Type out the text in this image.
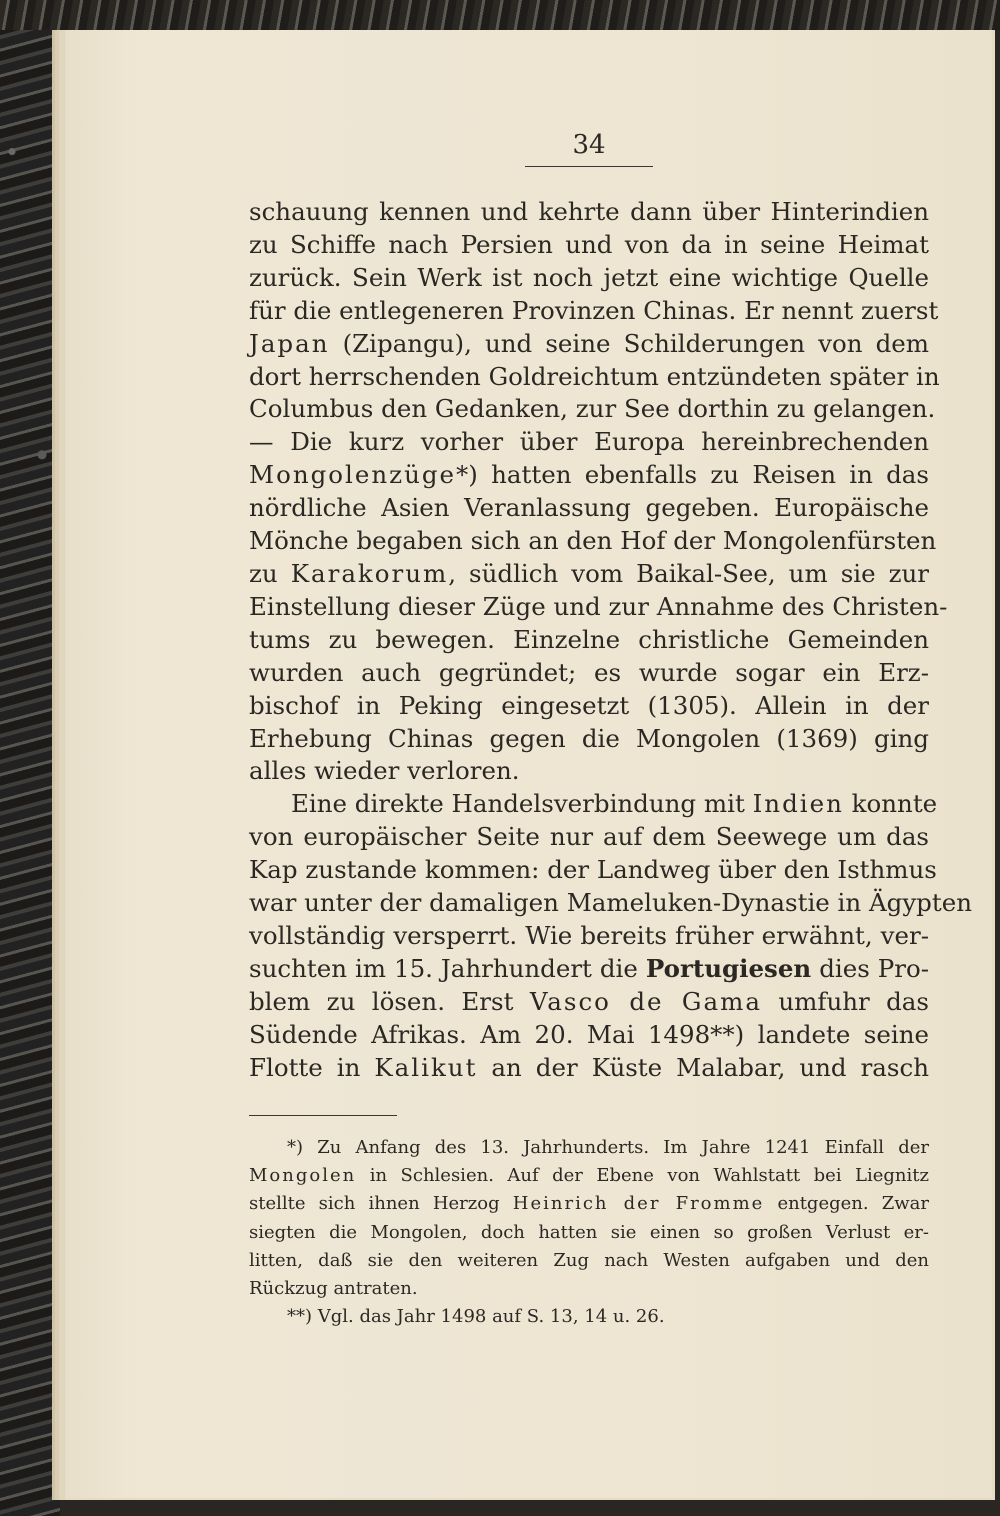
34
schauung kennen und kehrte dann über Hinterindien
zu Schiffe nach Persien und von da in seine Heimat
zurück. Sein Werk ist noch jetzt eine wichtige Quelle
für die entlegeneren Provinzen Chinas. Er nennt zuerst
Japan (Zipangu), und seine Schilderungen von dem
dort herrschenden Goldreichtum entzündeten später in
Columbus den Gedanken, zur See dorthin zu gelangen.
— Die kurz vorher über Europa hereinbrechenden
Mongolenzüge*) hatten ebenfalls zu Reisen in das
nördliche Asien Veranlassung gegeben. Europäische
Mönche begaben sich an den Hof der Mongolenfürsten
zu Karakorum, südlich vom Baikal-See, um sie zur
Einstellung dieser Züge und zur Annahme des Christen-
tums zu bewegen. Einzelne christliche Gemeinden
wurden auch gegründet; es wurde sogar ein Erz-
bischof in Peking eingesetzt (1305). Allein in der
Erhebung Chinas gegen die Mongolen (1369) ging
alles wieder verloren.
Eine direkte Handelsverbindung mit Indien konnte
von europäischer Seite nur auf dem Seewege um das
Kap zustande kommen: der Landweg über den Isthmus
war unter der damaligen Mameluken-Dynastie in Ägypten
vollständig versperrt. Wie bereits früher erwähnt, ver-
suchten im 15. Jahrhundert die Portugiesen dies Pro-
blem zu lösen. Erst Vasco de Gama umfuhr das
Südende Afrikas. Am 20. Mai 1498**) landete seine
Flotte in Kalikut an der Küste Malabar, und rasch
*) Zu Anfang des 13. Jahrhunderts. Im Jahre 1241 Einfall der
Mongolen in Schlesien. Auf der Ebene von Wahlstatt bei Liegnitz
stellte sich ihnen Herzog Heinrich der Fromme entgegen. Zwar
siegten die Mongolen, doch hatten sie einen so großen Verlust er-
litten, daß sie den weiteren Zug nach Westen aufgaben und den
Rückzug antraten.
**) Vgl. das Jahr 1498 auf S. 13, 14 u. 26.
